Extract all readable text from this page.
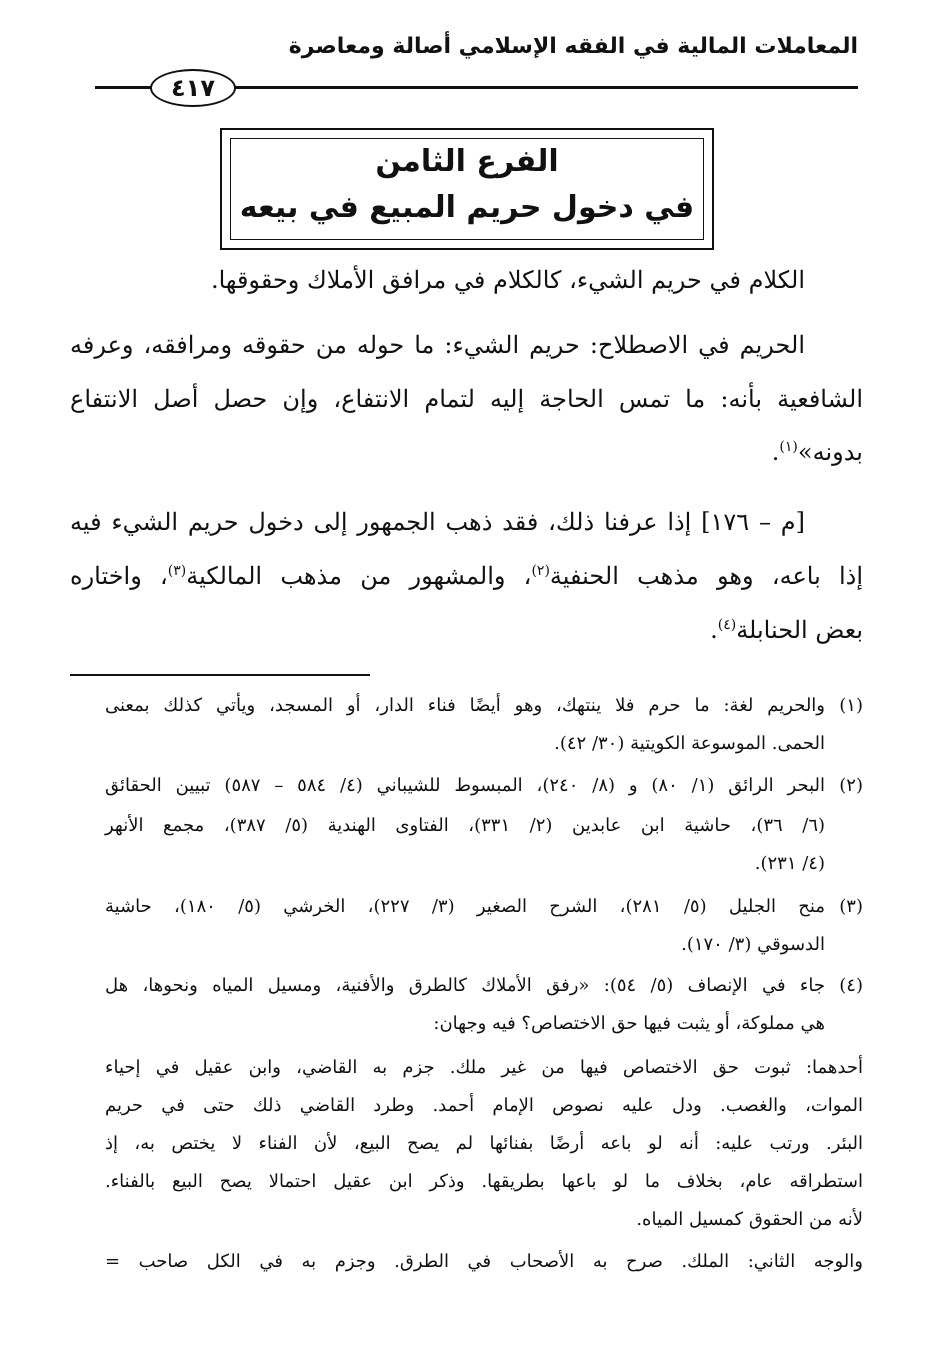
المعاملات المالية في الفقه الإسلامي أصالة ومعاصرة
٤١٧
الفرع الثامن
في دخول حريم المبيع في بيعه
الكلام في حريم الشيء، كالكلام في مرافق الأملاك وحقوقها.
الحريم في الاصطلاح: حريم الشيء: ما حوله من حقوقه ومرافقه، وعرفه
الشافعية بأنه: ما تمس الحاجة إليه لتمام الانتفاع، وإن حصل أصل الانتفاع
بدونه»$^{(١)}$.
[م – ١٧٦] إذا عرفنا ذلك، فقد ذهب الجمهور إلى دخول حريم الشيء فيه
إذا باعه، وهو مذهب الحنفية$^{(٢)}$، والمشهور من مذهب المالكية$^{(٣)}$، واختاره
بعض الحنابلة$^{(٤)}$.
(١)والحريم لغة: ما حرم فلا ينتهك، وهو أيضًا فناء الدار، أو المسجد، ويأتي كذلك بمعنى
الحمى. الموسوعة الكويتية (٣٠/ ٤٢).
(٢)البحر الرائق (١/ ٨٠) و (٨/ ٢٤٠)، المبسوط للشيباني (٤/ ٥٨٤ – ٥٨٧) تبيين الحقائق
(٦/ ٣٦)، حاشية ابن عابدين (٢/ ٣٣١)، الفتاوى الهندية (٥/ ٣٨٧)، مجمع الأنهر
(٤/ ٢٣١).
(٣)منح الجليل (٥/ ٢٨١)، الشرح الصغير (٣/ ٢٢٧)، الخرشي (٥/ ١٨٠)، حاشية
الدسوقي (٣/ ١٧٠).
(٤)جاء في الإنصاف (٥/ ٥٤): «رفق الأملاك كالطرق والأفنية، ومسيل المياه ونحوها، هل
هي مملوكة، أو يثبت فيها حق الاختصاص؟ فيه وجهان:
أحدهما: ثبوت حق الاختصاص فيها من غير ملك. جزم به القاضي، وابن عقيل في إحياء
الموات، والغصب. ودل عليه نصوص الإمام أحمد. وطرد القاضي ذلك حتى في حريم
البئر. ورتب عليه: أنه لو باعه أرضًا بفنائها لم يصح البيع، لأن الفناء لا يختص به، إذ
استطراقه عام، بخلاف ما لو باعها بطريقها. وذكر ابن عقيل احتمالا يصح البيع بالفناء.
لأنه من الحقوق كمسيل المياه.
والوجه الثاني: الملك. صرح به الأصحاب في الطرق. وجزم به في الكل صاحب =
